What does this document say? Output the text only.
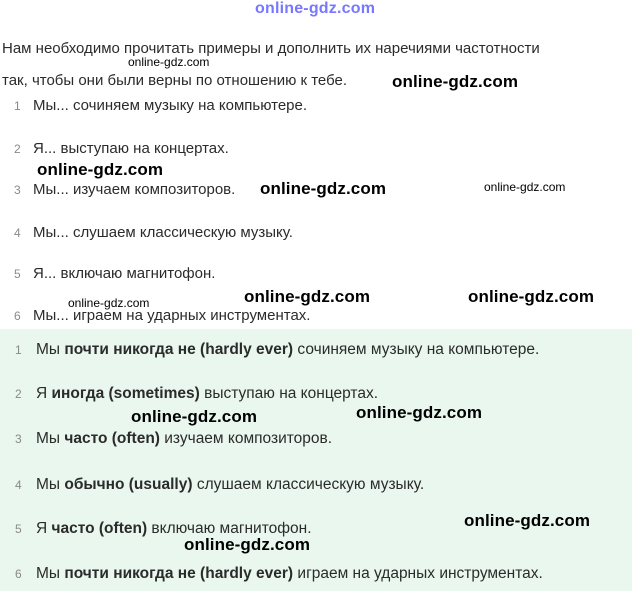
online-gdz.com
Нам необходимо прочитать примеры и дополнить их наречиями частотности
так, чтобы они были верны по отношению к тебе.
1 Мы... сочиняем музыку на компьютере.
2 Я... выступаю на концертах.
3 Мы... изучаем композиторов.
4 Мы... слушаем классическую музыку.
5 Я... включаю магнитофон.
6 Мы... играем на ударных инструментах.
1 Мы почти никогда не (hardly ever) сочиняем музыку на компьютере.
2 Я иногда (sometimes) выступаю на концертах.
3 Мы часто (often) изучаем композиторов.
4 Мы обычно (usually) слушаем классическую музыку.
5 Я часто (often) включаю магнитофон.
6 Мы почти никогда не (hardly ever) играем на ударных инструментах.
online-gdz.com
online-gdz.com
online-gdz.com
online-gdz.com	online-gdz.com
online-gdz.com	online-gdz.com	online-gdz.com
online-gdz.com	online-gdz.com
online-gdz.com
online-gdz.com
